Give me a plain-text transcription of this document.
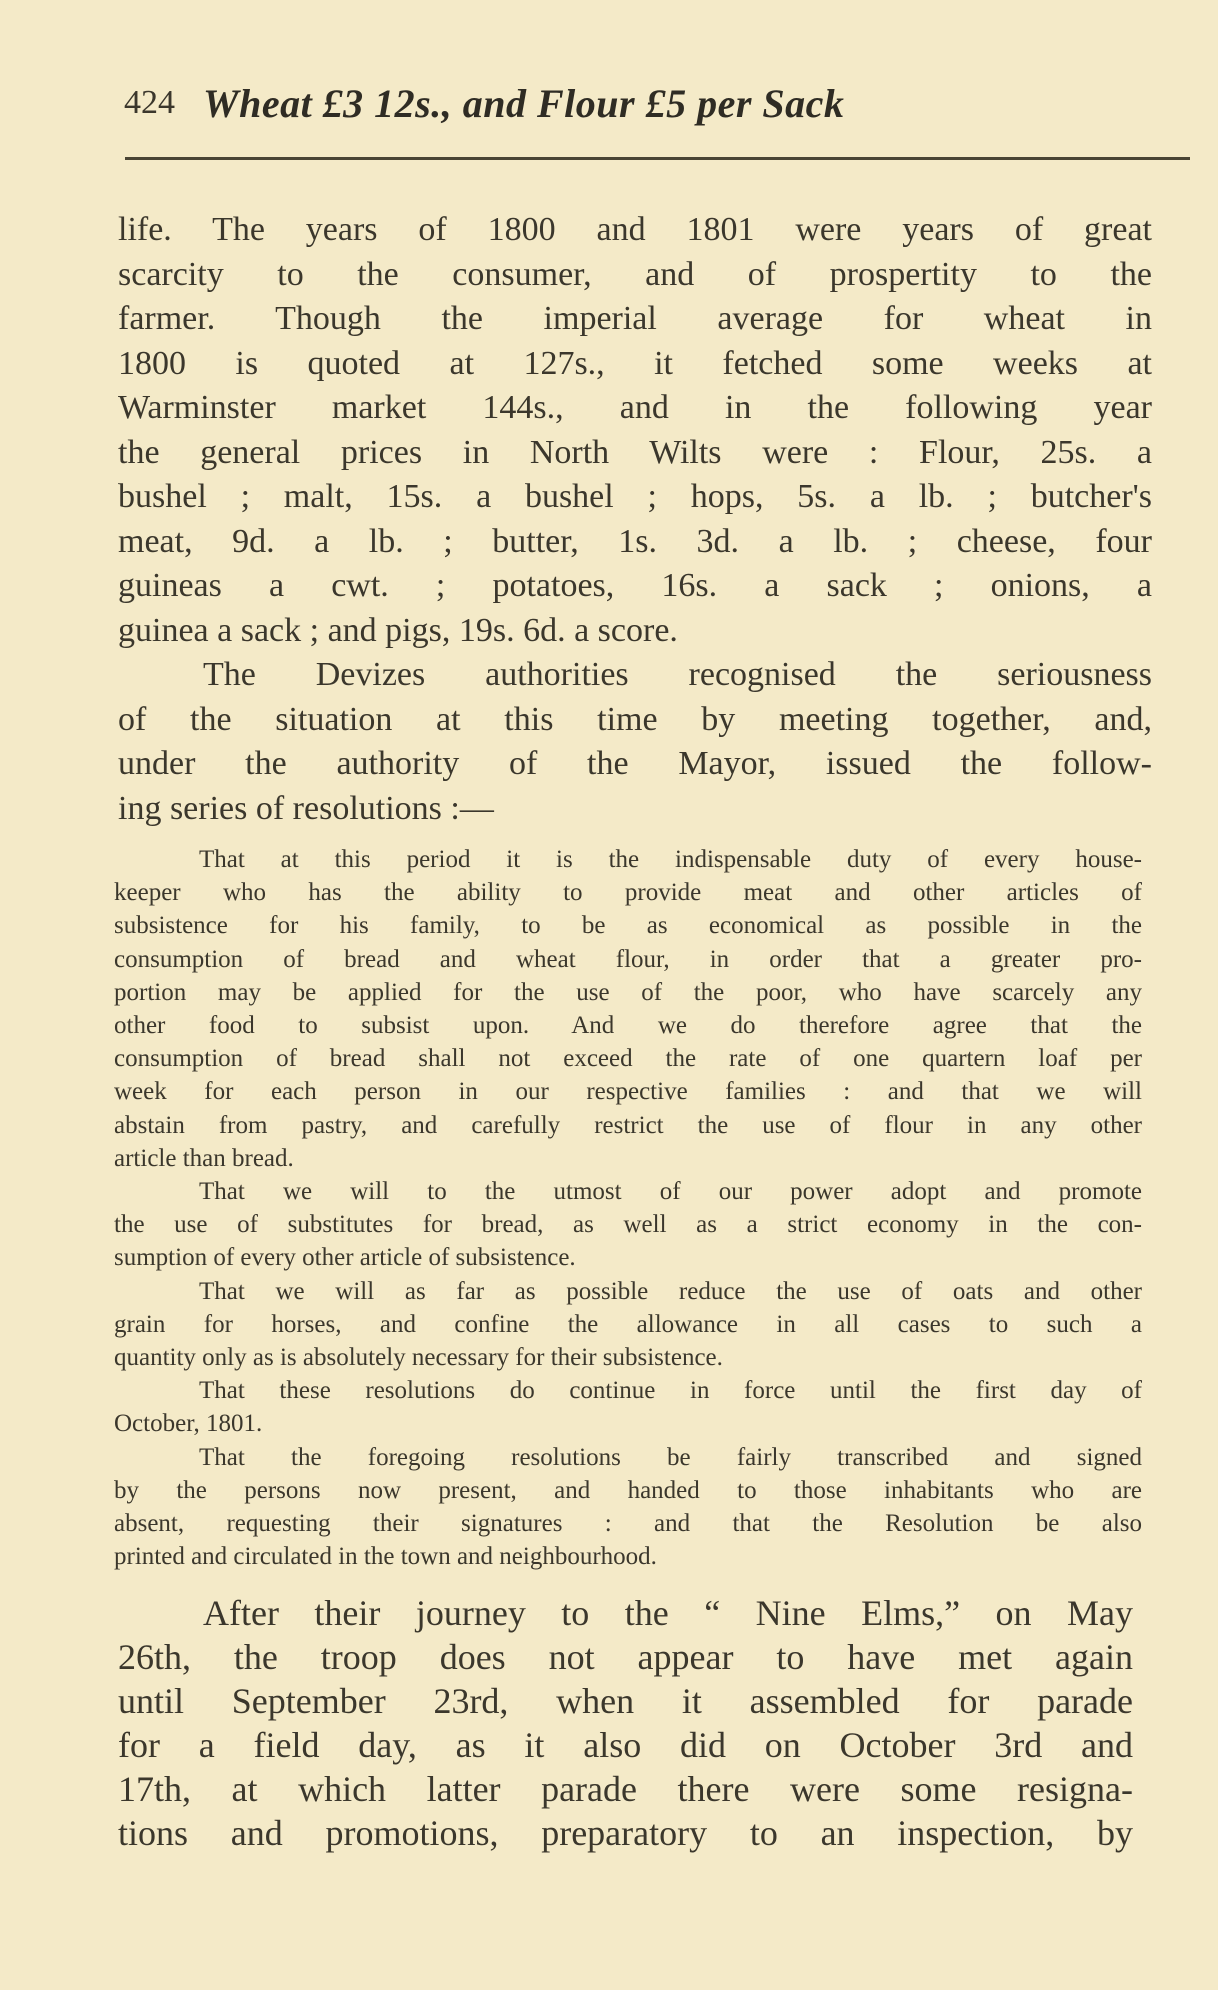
424 Wheat £3 12s., and Flour £5 per Sack
life. The years of 1800 and 1801 were years of great
scarcity to the consumer, and of prospertity to the
farmer. Though the imperial average for wheat in
1800 is quoted at 127s., it fetched some weeks at
Warminster market 144s., and in the following year
the general prices in North Wilts were : Flour, 25s. a
bushel ; malt, 15s. a bushel ; hops, 5s. a lb. ; butcher's
meat, 9d. a lb. ; butter, 1s. 3d. a lb. ; cheese, four
guineas a cwt. ; potatoes, 16s. a sack ; onions, a
guinea a sack ; and pigs, 19s. 6d. a score.
The Devizes authorities recognised the seriousness
of the situation at this time by meeting together, and,
under the authority of the Mayor, issued the follow-
ing series of resolutions :—
That at this period it is the indispensable duty of every house-
keeper who has the ability to provide meat and other articles of
subsistence for his family, to be as economical as possible in the
consumption of bread and wheat flour, in order that a greater pro-
portion may be applied for the use of the poor, who have scarcely any
other food to subsist upon. And we do therefore agree that the
consumption of bread shall not exceed the rate of one quartern loaf per
week for each person in our respective families : and that we will
abstain from pastry, and carefully restrict the use of flour in any other
article than bread.
That we will to the utmost of our power adopt and promote
the use of substitutes for bread, as well as a strict economy in the con-
sumption of every other article of subsistence.
That we will as far as possible reduce the use of oats and other
grain for horses, and confine the allowance in all cases to such a
quantity only as is absolutely necessary for their subsistence.
That these resolutions do continue in force until the first day of
October, 1801.
That the foregoing resolutions be fairly transcribed and signed
by the persons now present, and handed to those inhabitants who are
absent, requesting their signatures : and that the Resolution be also
printed and circulated in the town and neighbourhood.
After their journey to the “ Nine Elms,” on May
26th, the troop does not appear to have met again
until September 23rd, when it assembled for parade
for a field day, as it also did on October 3rd and
17th, at which latter parade there were some resigna-
tions and promotions, preparatory to an inspection, by
